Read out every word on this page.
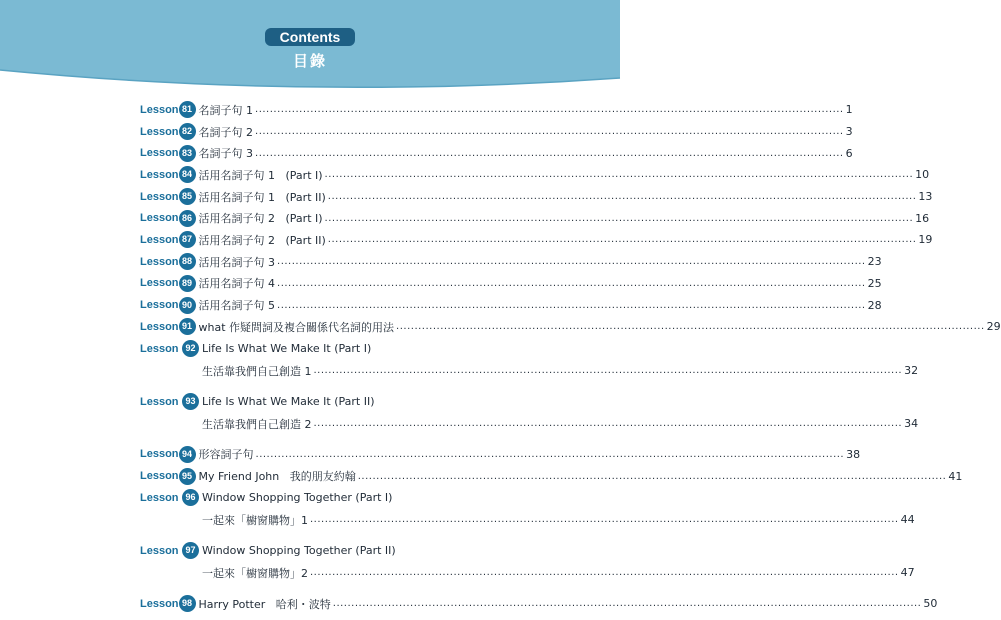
Contents
目錄
Lesson 81 名詞子句 1 ................................................................................................................................................................ 1
Lesson 82 名詞子句 2 ................................................................................................................................................................ 3
Lesson 83 名詞子句 3 ................................................................................................................................................................ 6
Lesson 84 活用名詞子句 1   (Part I) ................................................................................................................................................................ 10
Lesson 85 活用名詞子句 1   (Part II) ................................................................................................................................................................ 13
Lesson 86 活用名詞子句 2   (Part I) ................................................................................................................................................................ 16
Lesson 87 活用名詞子句 2   (Part II) ................................................................................................................................................................ 19
Lesson 88 活用名詞子句 3 ................................................................................................................................................................ 23
Lesson 89 活用名詞子句 4 ................................................................................................................................................................ 25
Lesson 90 活用名詞子句 5 ................................................................................................................................................................ 28
Lesson 91 what 作疑問詞及複合關係代名詞的用法 ................................................................................................................................................................ 29
Lesson 92 Life Is What We Make It (Part I)
生活靠我們自己創造 1 ................................................................................................................................................................ 32
Lesson 93 Life Is What We Make It (Part II)
生活靠我們自己創造 2 ................................................................................................................................................................ 34
Lesson 94 形容詞子句 ................................................................................................................................................................ 38
Lesson 95 My Friend John   我的朋友約翰 ................................................................................................................................................................ 41
Lesson 96 Window Shopping Together (Part I)
一起來「櫥窗購物」1 ................................................................................................................................................................ 44
Lesson 97 Window Shopping Together (Part II)
一起來「櫥窗購物」2 ................................................................................................................................................................ 47
Lesson 98 Harry Potter   哈利・波特 ................................................................................................................................................................ 50
